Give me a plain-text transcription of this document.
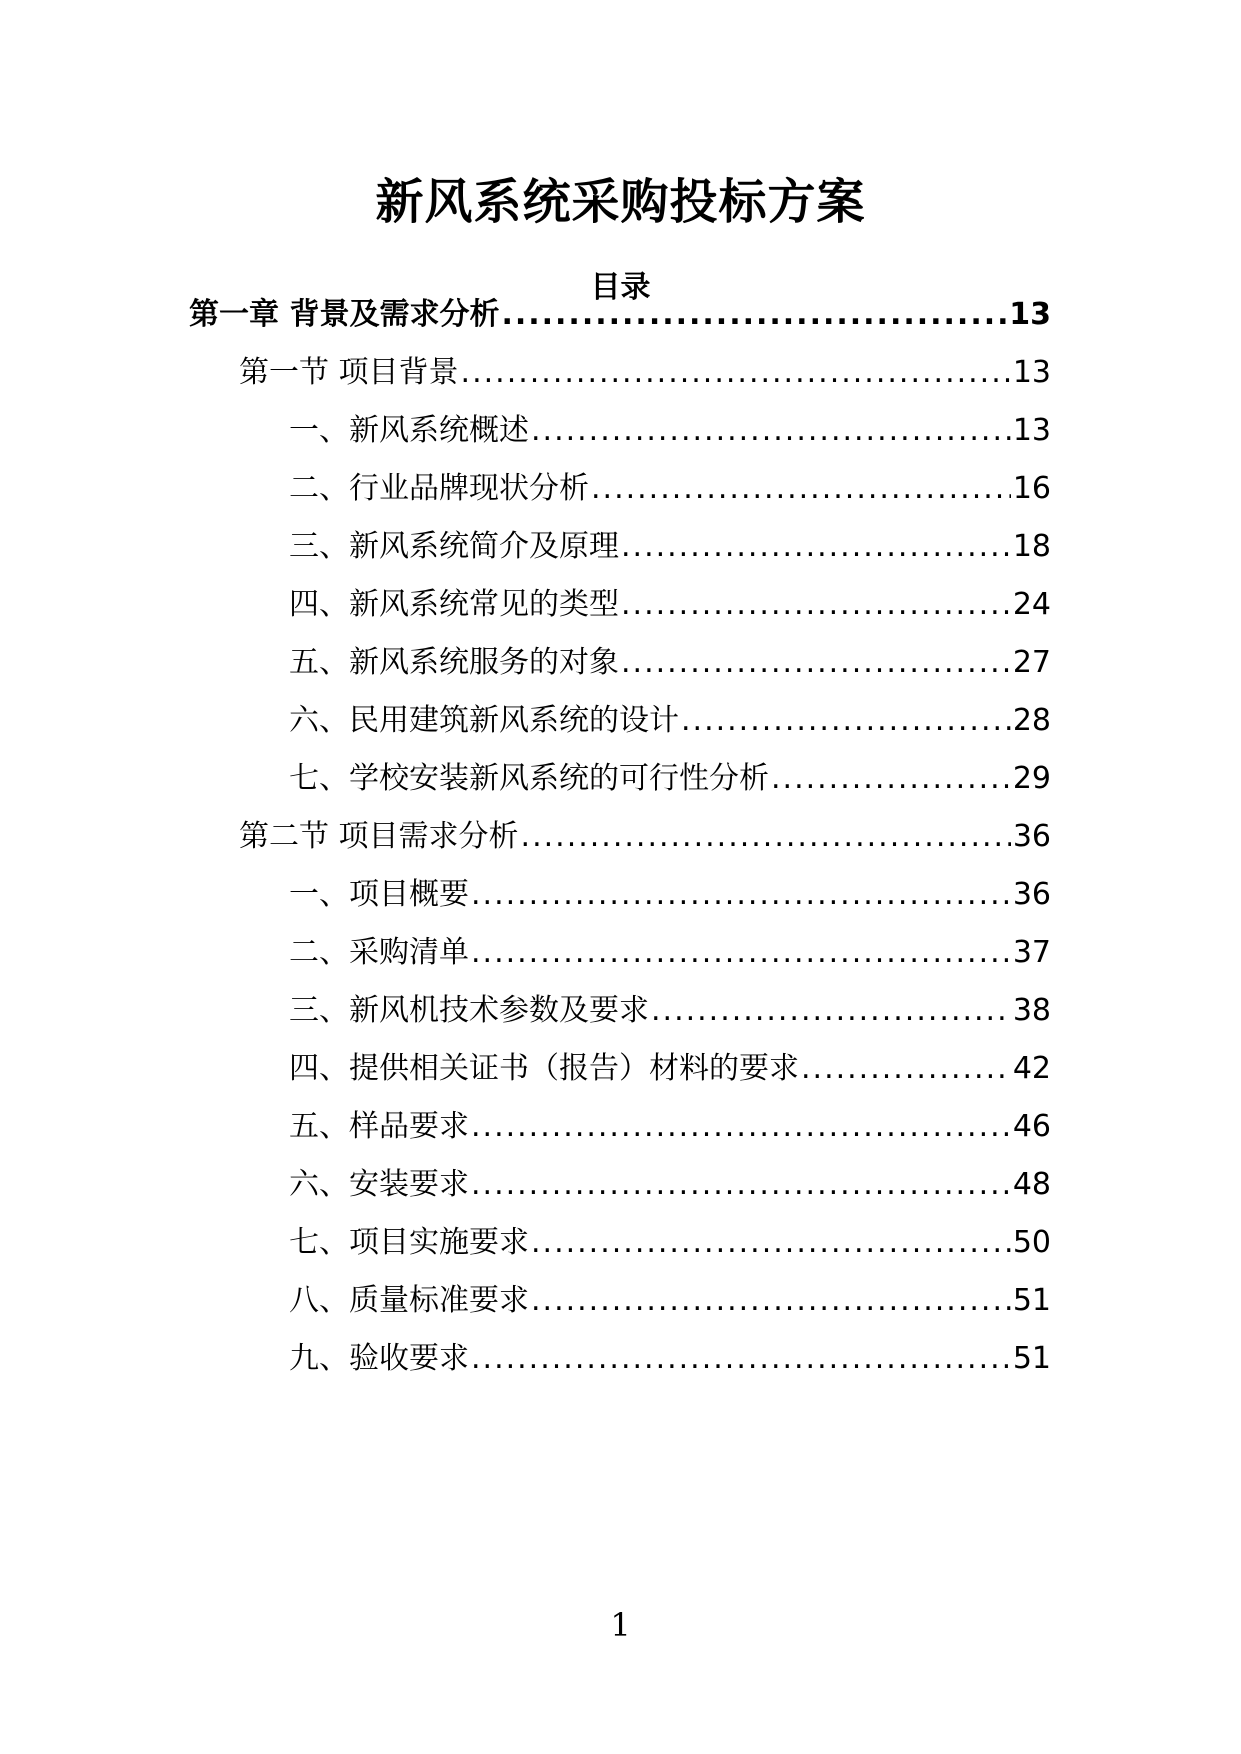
新风系统采购投标方案
目录
第一章 背景及需求分析 .....	13
第一节 项目背景 .....	13
一、新风系统概述 .....	13
二、行业品牌现状分析 .....	16
三、新风系统简介及原理 .....	18
四、新风系统常见的类型 .....	24
五、新风系统服务的对象 .....	27
六、民用建筑新风系统的设计 .....	28
七、学校安装新风系统的可行性分析 .....	29
第二节 项目需求分析 .....	36
一、项目概要 .....	36
二、采购清单 .....	37
三、新风机技术参数及要求 .....	38
四、提供相关证书（报告）材料的要求 .....	42
五、样品要求 .....	46
六、安装要求 .....	48
七、项目实施要求 .....	50
八、质量标准要求 .....	51
九、验收要求 .....	51
1
